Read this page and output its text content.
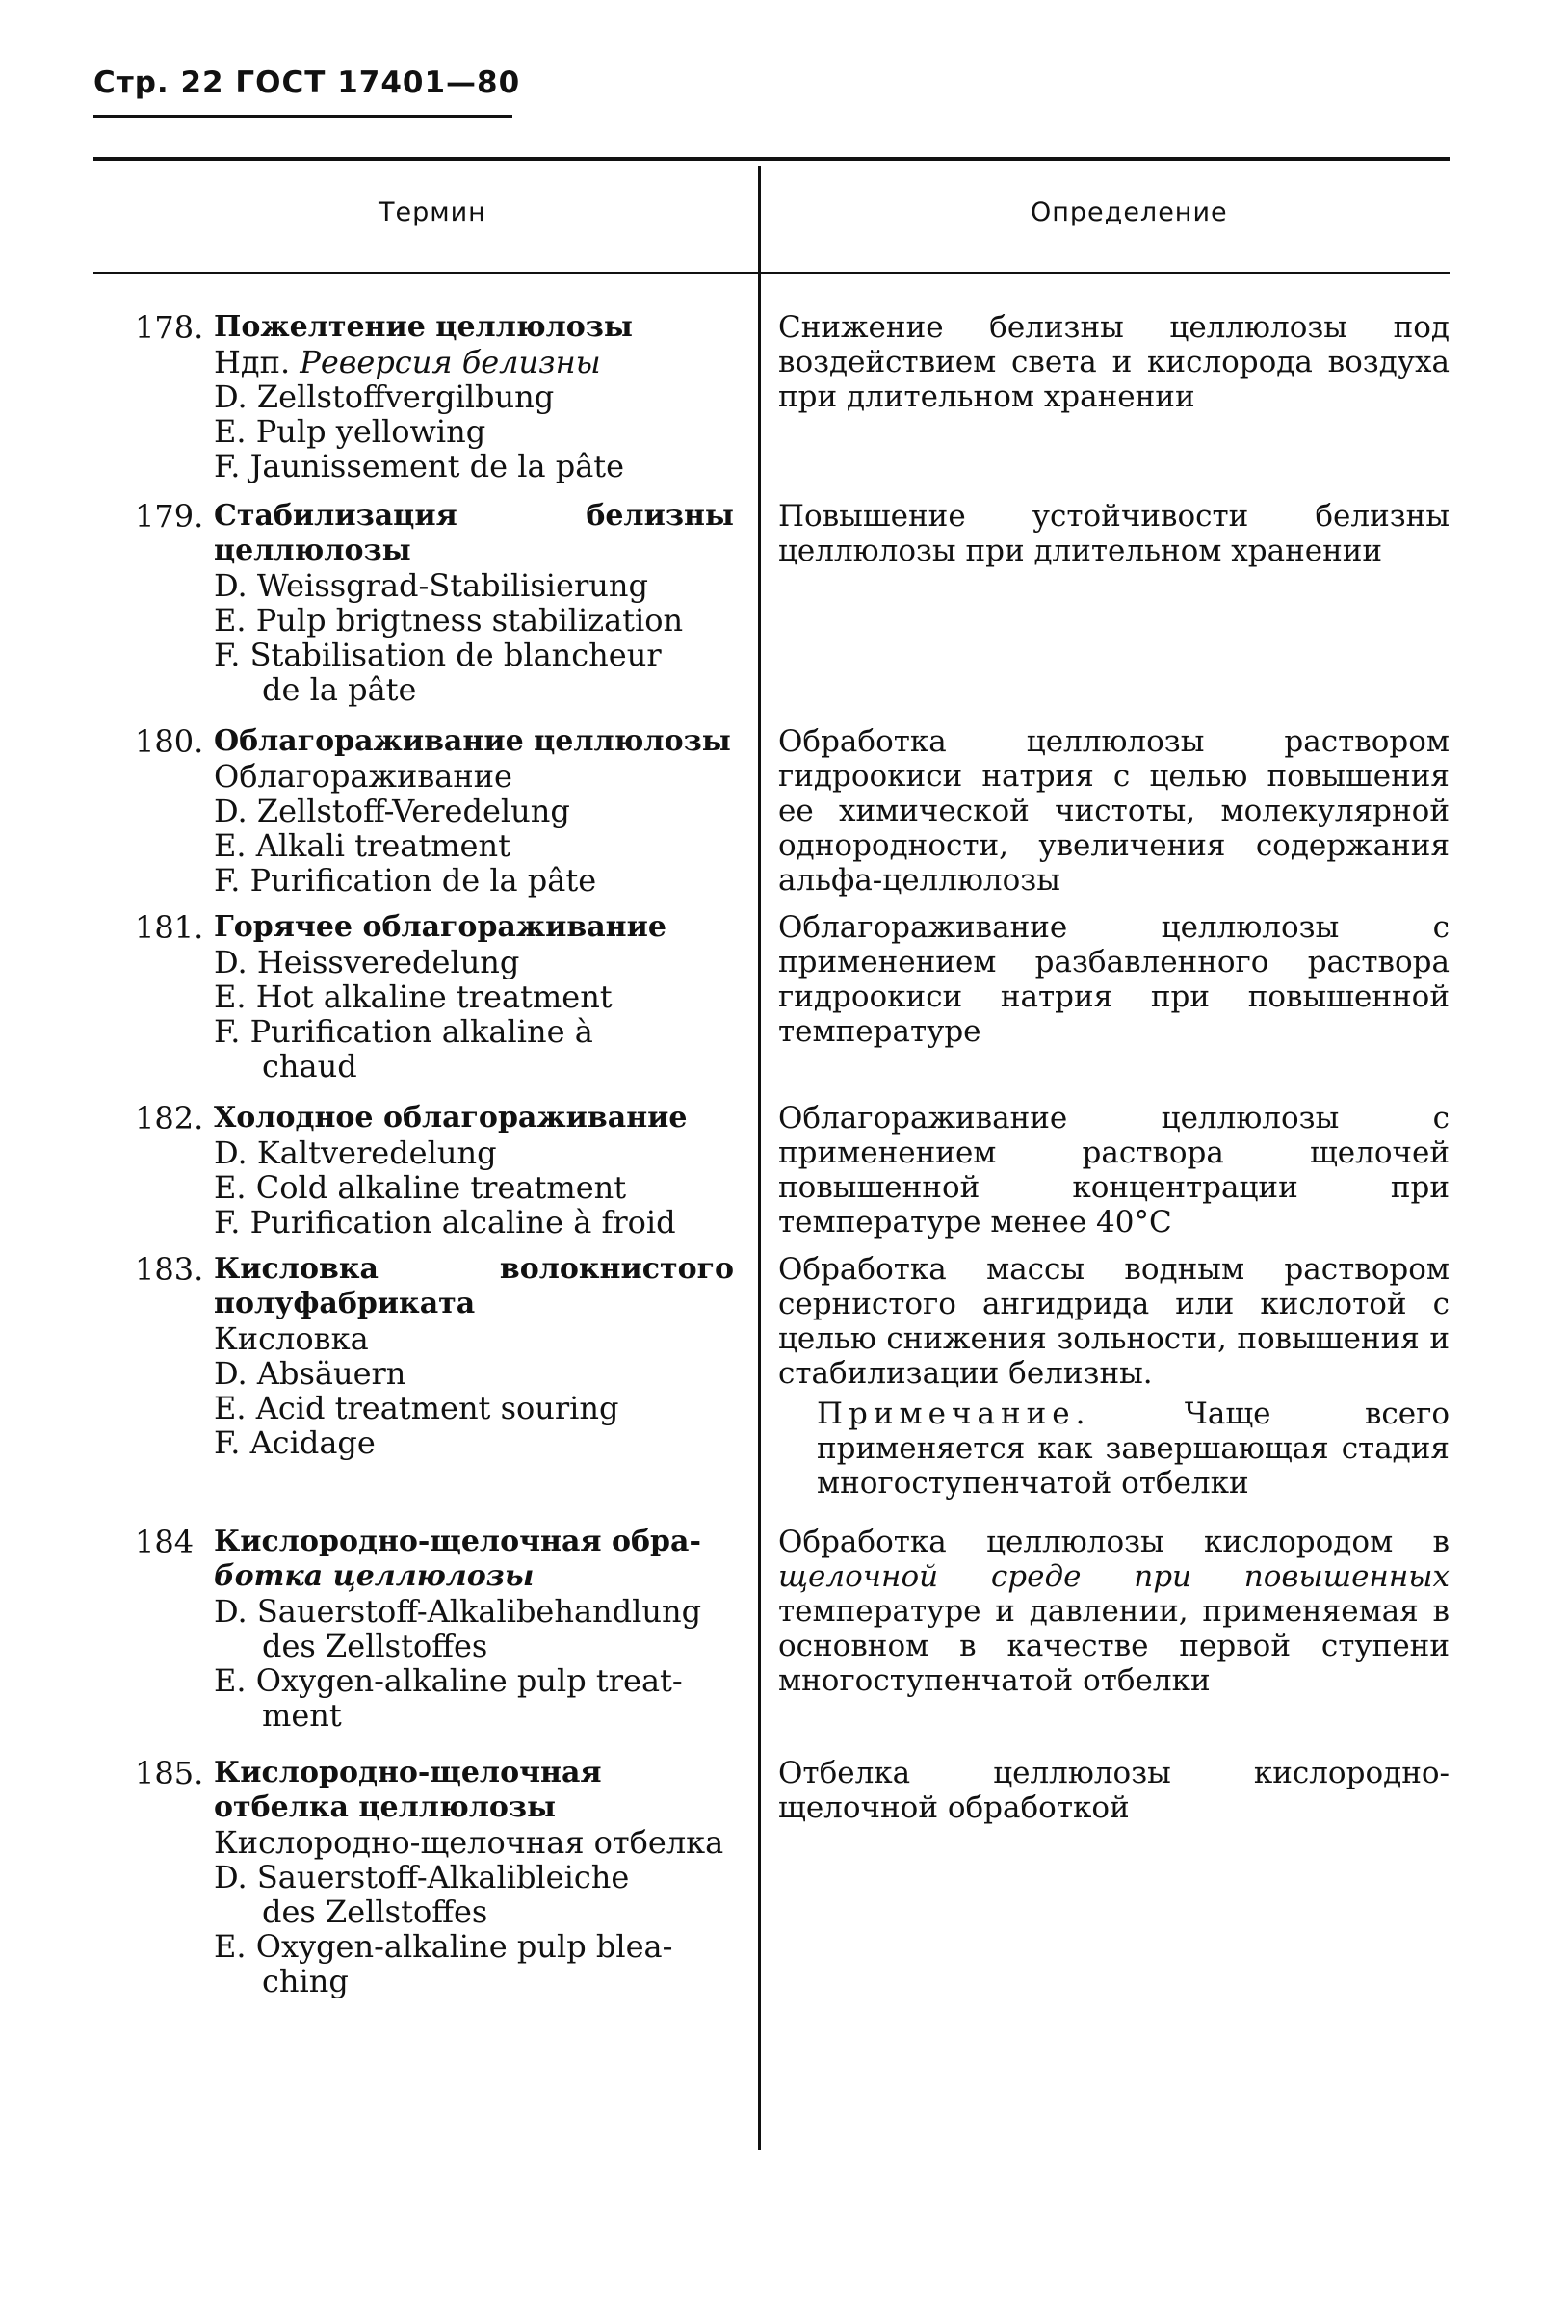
Стр. 22 ГОСТ 17401—80
Термин	Определение
178. Пожелтение целлюлозы
Ндп. Реверсия белизны
D. Zellstoffvergilbung
E. Pulp yellowing
F. Jaunissement de la pâte
Снижение белизны целлюлозы под воздействием света и кислорода воздуха при длительном хранении
179. Стабилизация белизны целлюлозы
D. Weissgrad-Stabilisierung
E. Pulp brigtness stabilization
F. Stabilisation de blancheur
de la pâte
Повышение устойчивости белизны целлюлозы при длительном хранении
180. Облагораживание целлюлозы
Облагораживание
D. Zellstoff-Veredelung
E. Alkali treatment
F. Purification de la pâte
Обработка целлюлозы раствором гидроокиси натрия с целью повышения ее химической чистоты, молекулярной однородности, увеличения содержания альфа-целлюлозы
181. Горячее облагораживание
D. Heissveredelung
E. Hot alkaline treatment
F. Purification alkaline à
chaud
Облагораживание целлюлозы с применением разбавленного раствора гидроокиси натрия при повышенной температуре
182. Холодное облагораживание
D. Kaltveredelung
E. Cold alkaline treatment
F. Purification alcaline à froid
Облагораживание целлюлозы с применением раствора щелочей повышенной концентрации при температуре менее 40°С
183. Кисловка волокнистого полуфабриката
Кисловка
D. Absäuern
E. Acid treatment souring
F. Acidage
Обработка массы водным раствором сернистого ангидрида или кислотой с целью снижения зольности, повышения и стабилизации белизны.
Примечание.	Чаще всего применяется как завершающая стадия многоступенчатой отбелки
184 Кислородно-щелочная обра-
ботка целлюлозы
D. Sauerstoff-Alkalibehandlung
des Zellstoffes
E. Oxygen-alkaline pulp treat-
ment
Обработка целлюлозы кислородом в щелочной среде при повышенных температуре и давлении, применяемая в основном в качестве первой ступени многоступенчатой отбелки
185. Кислородно-щелочная отбелка целлюлозы
Кислородно-щелочная отбелка
D. Sauerstoff-Alkalibleiche
des Zellstoffes
E. Oxygen-alkaline pulp blea-
ching
Отбелка целлюлозы кислородно-щелочной обработкой
